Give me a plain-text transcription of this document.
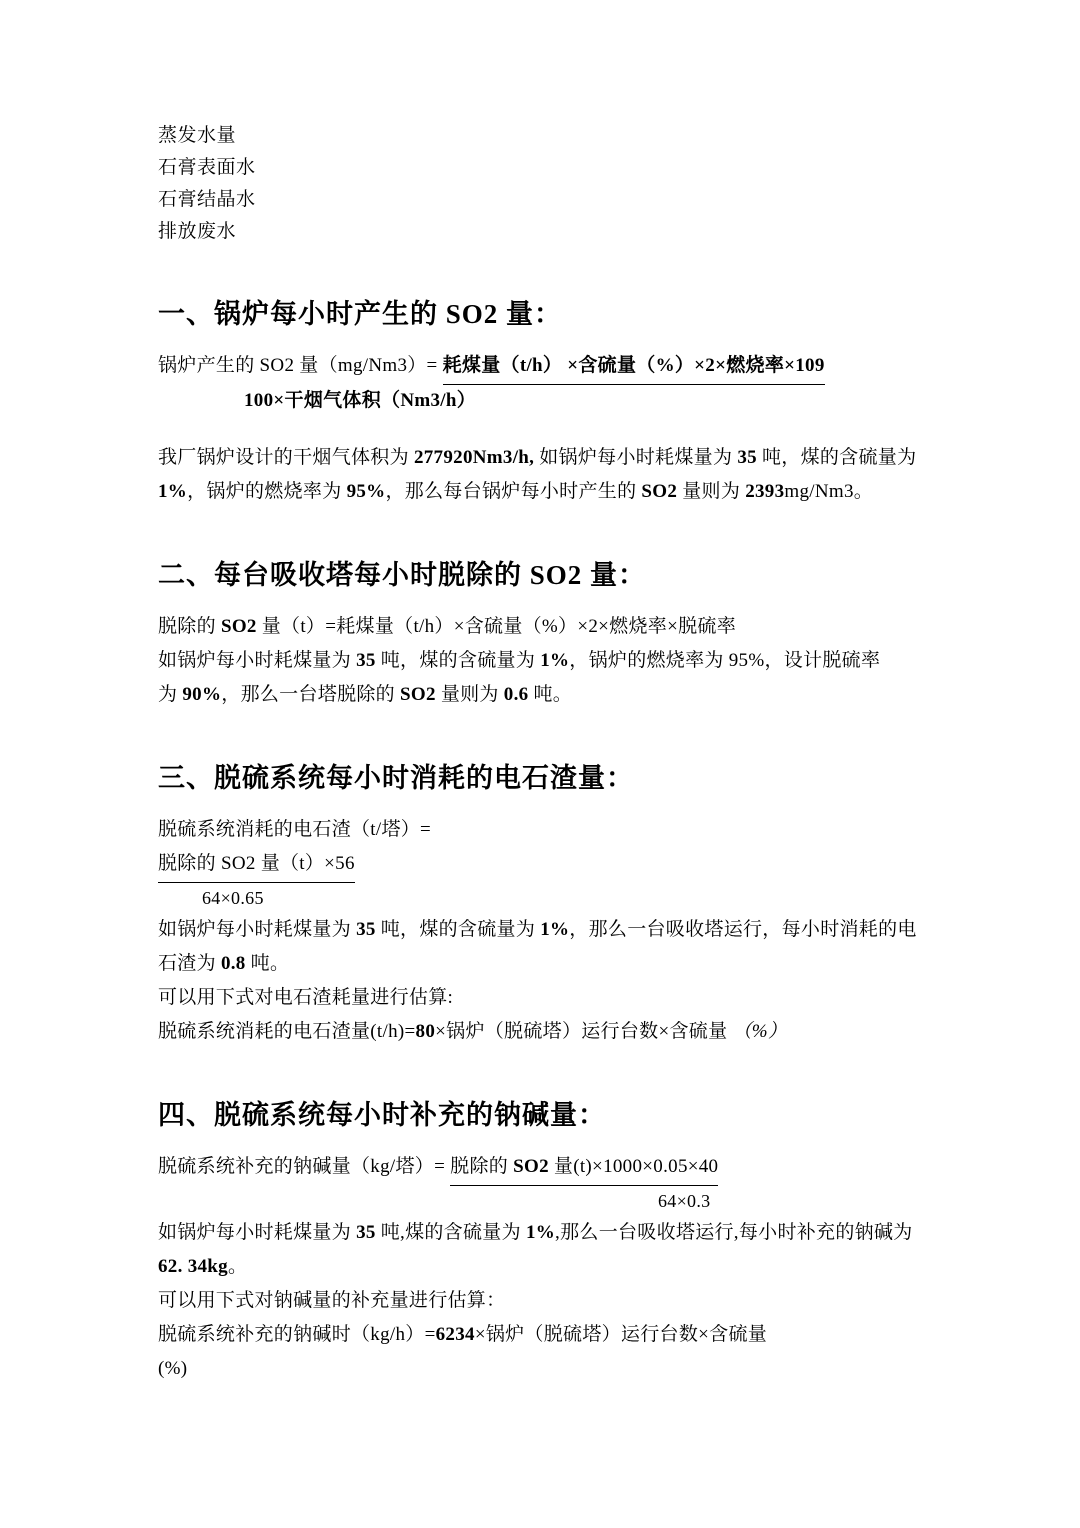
蒸发水量
石膏表面水
石膏结晶水
排放废水
一、锅炉每小时产生的 SO2 量：

锅炉产生的 SO2 量（mg/Nm3）= 耗煤量（t/h） ×含硫量（%）×2×燃烧率×109
100×干烟气体积（Nm3/h）

我厂锅炉设计的干烟气体积为 277920Nm3/h, 如锅炉每小时耗煤量为 35 吨，煤的含硫量为 1%，锅炉的燃烧率为 95%，那么每台锅炉每小时产生的 SO2 量则为 2393mg/Nm3。

二、每台吸收塔每小时脱除的 SO2 量：

脱除的 SO2 量（t）=耗煤量（t/h）×含硫量（%）×2×燃烧率×脱硫率

如锅炉每小时耗煤量为 35 吨，煤的含硫量为 1%，锅炉的燃烧率为 95%，设计脱硫率
为 90%，那么一台塔脱除的 SO2 量则为 0.6 吨。

三、脱硫系统每小时消耗的电石渣量：

脱硫系统消耗的电石渣（t/塔）=

脱除的 SO2 量（t）×56
64×0.65

如锅炉每小时耗煤量为 35 吨，煤的含硫量为 1%，那么一台吸收塔运行，每小时消耗的电
石渣为 0.8 吨。

可以用下式对电石渣耗量进行估算:

脱硫系统消耗的电石渣量(t/h)=80×锅炉（脱硫塔）运行台数×含硫量 （%）

四、脱硫系统每小时补充的钠碱量：

脱硫系统补充的钠碱量（kg/塔）= 脱除的 SO2 量(t)×1000×0.05×40
64×0.3

如锅炉每小时耗煤量为 35 吨,煤的含硫量为 1%,那么一台吸收塔运行,每小时补充的钠碱为
62. 34kg。

可以用下式对钠碱量的补充量进行估算：

脱硫系统补充的钠碱时（kg/h）=6234×锅炉（脱硫塔）运行台数×含硫量

(%)
